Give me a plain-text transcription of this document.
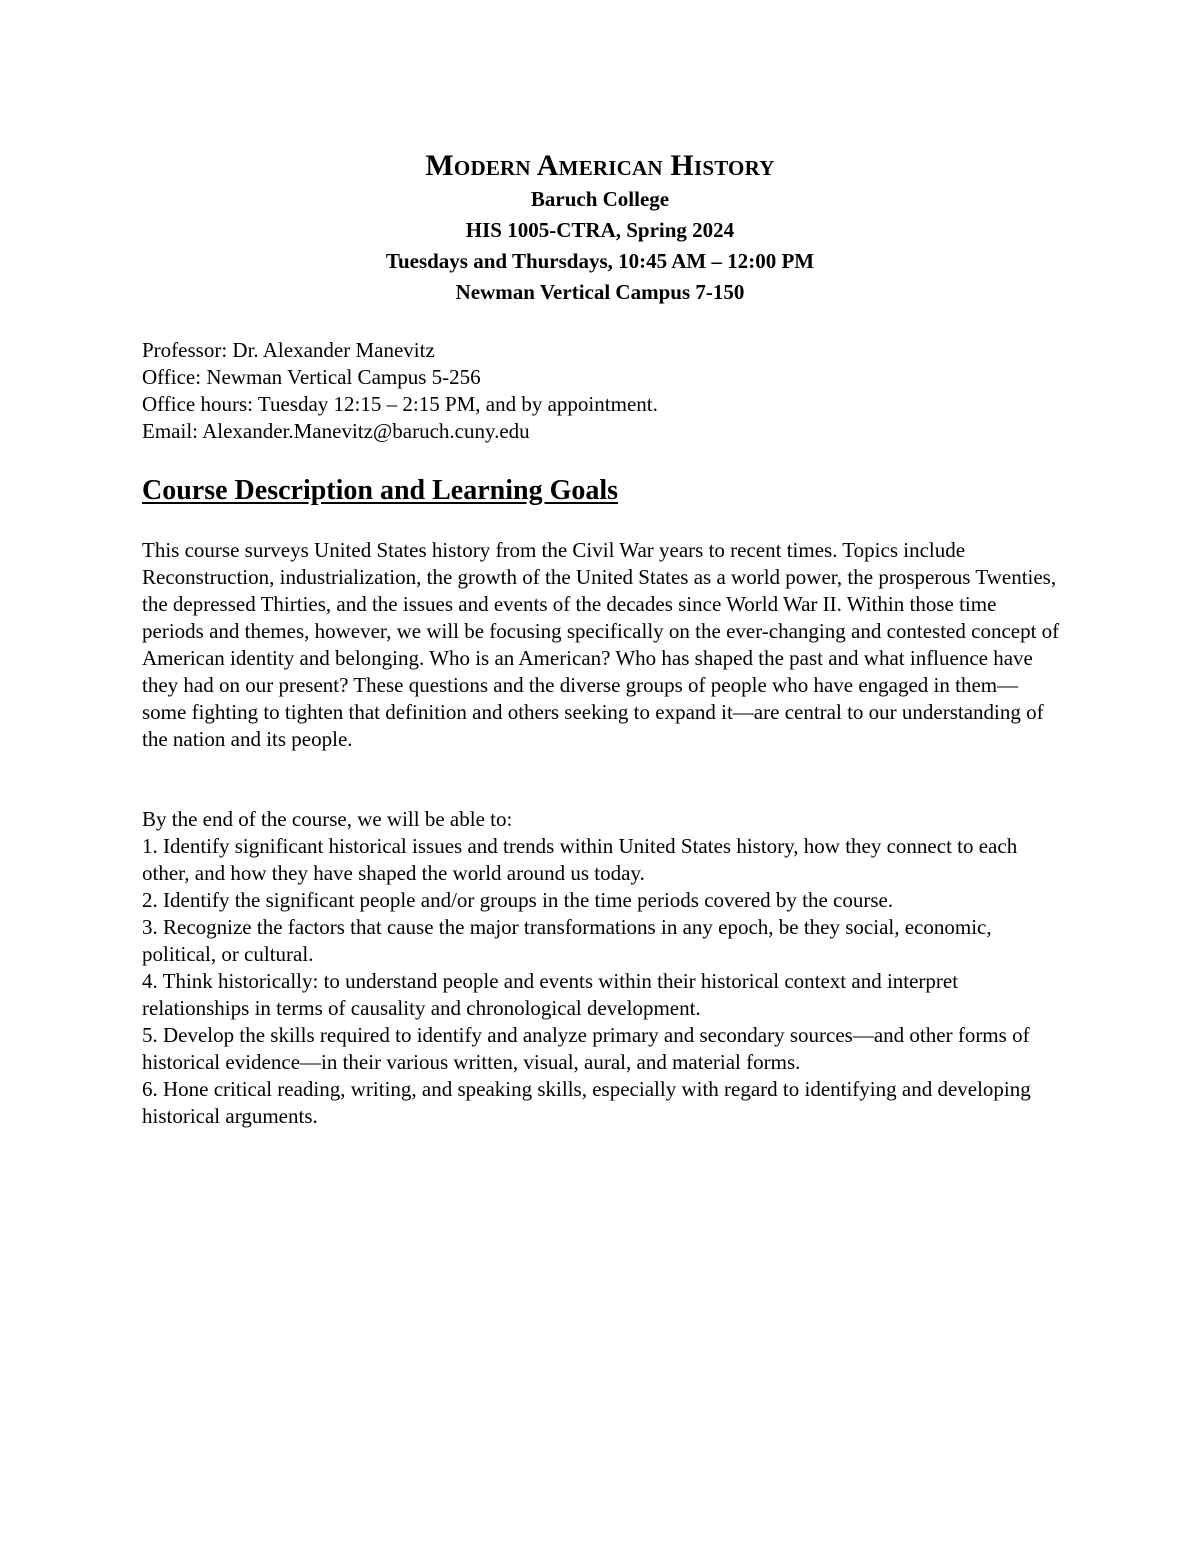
Modern American History
Baruch College
HIS 1005-CTRA, Spring 2024
Tuesdays and Thursdays, 10:45 AM – 12:00 PM
Newman Vertical Campus 7-150
Professor: Dr. Alexander Manevitz
Office: Newman Vertical Campus 5-256
Office hours: Tuesday 12:15 – 2:15 PM, and by appointment.
Email: Alexander.Manevitz@baruch.cuny.edu
Course Description and Learning Goals
This course surveys United States history from the Civil War years to recent times. Topics include Reconstruction, industrialization, the growth of the United States as a world power, the prosperous Twenties, the depressed Thirties, and the issues and events of the decades since World War II. Within those time periods and themes, however, we will be focusing specifically on the ever-changing and contested concept of American identity and belonging. Who is an American? Who has shaped the past and what influence have they had on our present? These questions and the diverse groups of people who have engaged in them—some fighting to tighten that definition and others seeking to expand it—are central to our understanding of the nation and its people.
By the end of the course, we will be able to:
1. Identify significant historical issues and trends within United States history, how they connect to each other, and how they have shaped the world around us today.
2. Identify the significant people and/or groups in the time periods covered by the course.
3. Recognize the factors that cause the major transformations in any epoch, be they social, economic, political, or cultural.
4. Think historically: to understand people and events within their historical context and interpret relationships in terms of causality and chronological development.
5. Develop the skills required to identify and analyze primary and secondary sources—and other forms of historical evidence—in their various written, visual, aural, and material forms.
6. Hone critical reading, writing, and speaking skills, especially with regard to identifying and developing historical arguments.
